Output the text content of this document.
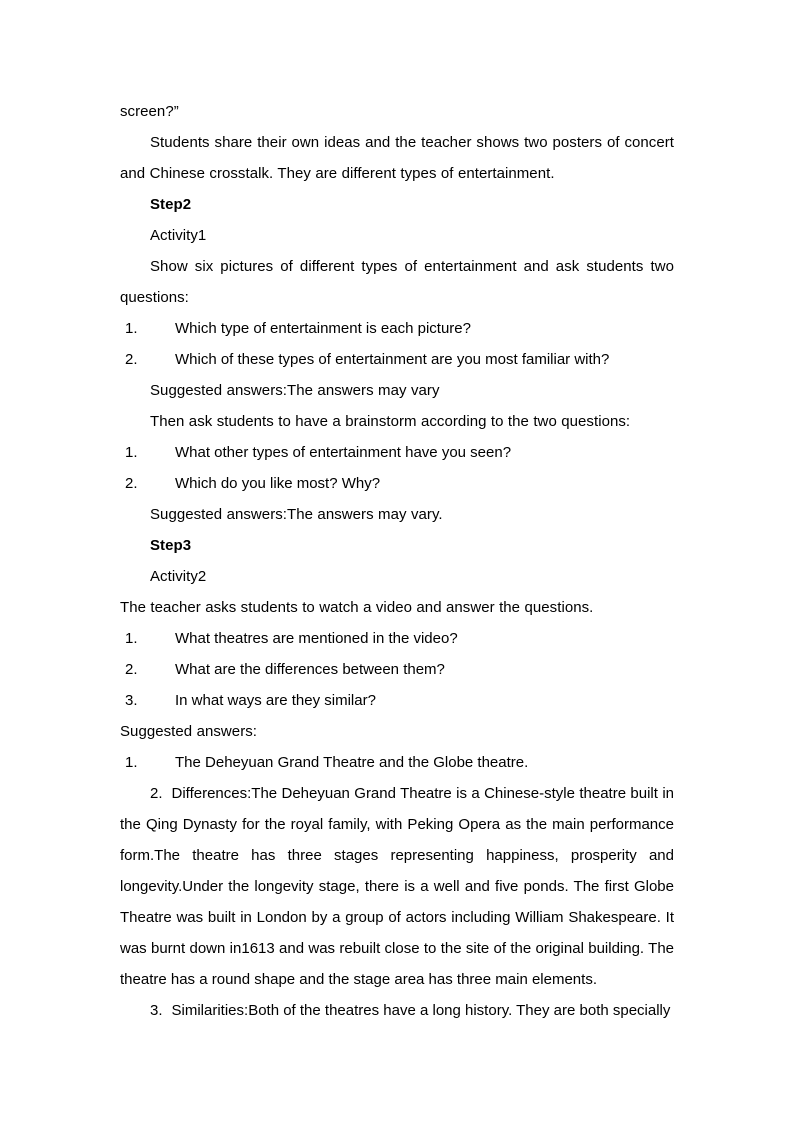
screen?”

Students share their own ideas and the teacher shows two posters of concert and Chinese crosstalk. They are different types of entertainment.

Step2

Activity1

Show six pictures of different types of entertainment and ask students two questions:

1. Which type of entertainment is each picture?

2. Which of these types of entertainment are you most familiar with?

Suggested answers:The answers may vary

Then ask students to have a brainstorm according to the two questions:

1. What other types of entertainment have you seen?

2. Which do you like most? Why?

Suggested answers:The answers may vary.

Step3

Activity2

The teacher asks students to watch a video and answer the questions.

1. What theatres are mentioned in the video?

2. What are the differences between them?

3. In what ways are they similar?

Suggested answers:

1. The Deheyuan Grand Theatre and the Globe theatre.

2. Differences:The Deheyuan Grand Theatre is a Chinese-style theatre built in the Qing Dynasty for the royal family, with Peking Opera as the main performance form.The theatre has three stages representing happiness, prosperity and longevity.Under the longevity stage, there is a well and five ponds. The first Globe Theatre was built in London by a group of actors including William Shakespeare. It was burnt down in1613 and was rebuilt close to the site of the original building. The theatre has a round shape and the stage area has three main elements.

3. Similarities:Both of the theatres have a long history. They are both specially
